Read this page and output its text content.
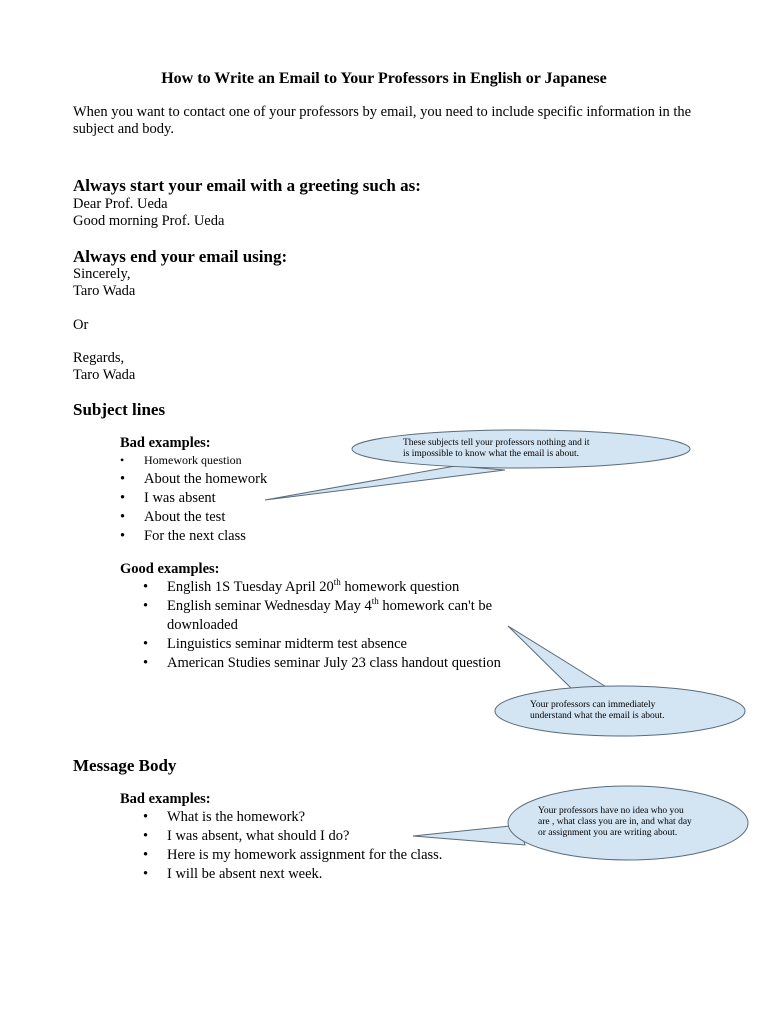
How to Write an Email to Your Professors in English or Japanese
When you want to contact one of your professors by email, you need to include specific information in the subject and body.
Always start your email with a greeting such as:
Dear Prof. Ueda
Good morning Prof. Ueda
Always end your email using:
Sincerely,
Taro Wada
Or
Regards,
Taro Wada
Subject lines
Bad examples:
• Homework question
• About the homework
• I was absent
• About the test
• For the next class
Good examples:
• English 1S Tuesday April 20th homework question
• English seminar Wednesday May 4th homework can't be
downloaded
• Linguistics seminar midterm test absence
• American Studies seminar July 23 class handout question
Message Body
Bad examples:
• What is the homework?
• I was absent, what should I do?
• Here is my homework assignment for the class.
• I will be absent next week.
These subjects tell your professors nothing and it
is impossible to know what the email is about.
Your professors can immediately
understand what the email is about.
Your professors have no idea who you
are , what class you are in, and what day
or assignment you are writing about.
